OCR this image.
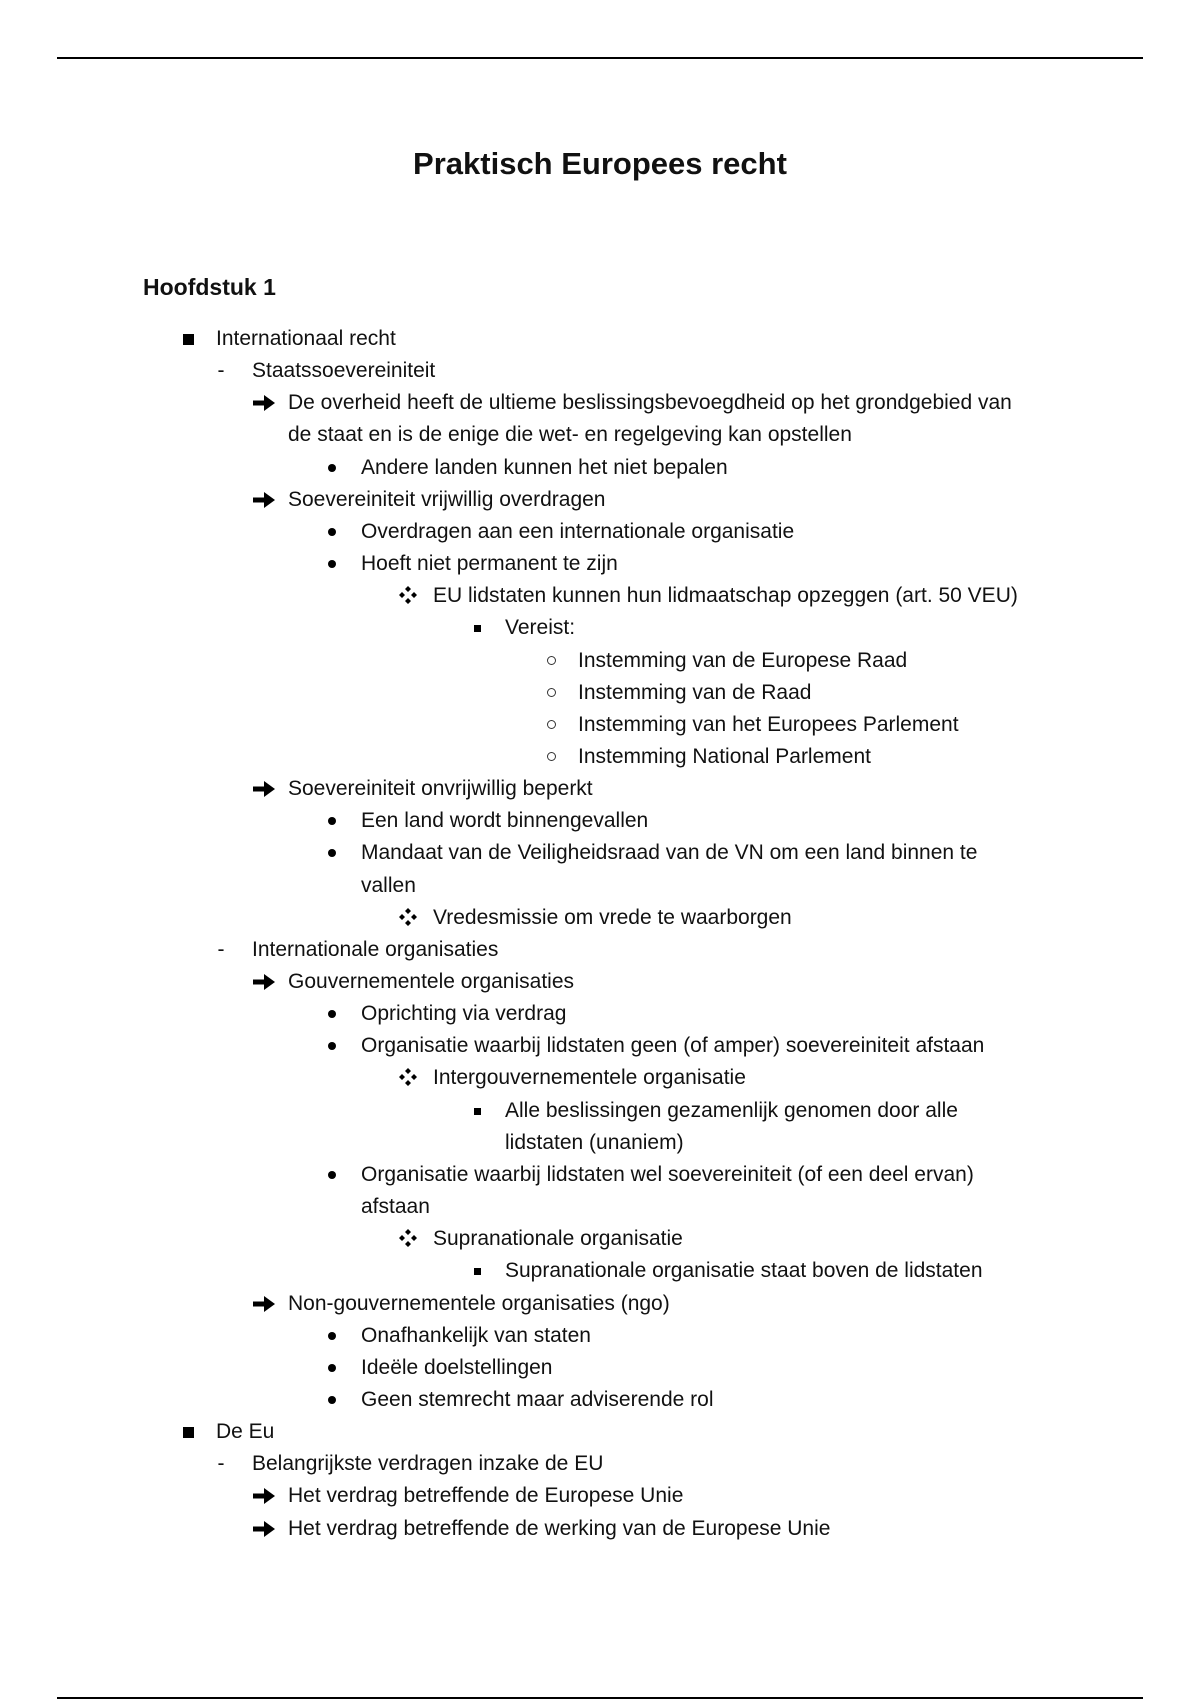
Praktisch Europees recht
Hoofdstuk 1
Internationaal recht
- Staatssoevereiniteit
De overheid heeft de ultieme beslissingsbevoegdheid op het grondgebied van
de staat en is de enige die wet- en regelgeving kan opstellen
Andere landen kunnen het niet bepalen
Soevereiniteit vrijwillig overdragen
Overdragen aan een internationale organisatie
Hoeft niet permanent te zijn
EU lidstaten kunnen hun lidmaatschap opzeggen (art. 50 VEU)
Vereist:
Instemming van de Europese Raad
Instemming van de Raad
Instemming van het Europees Parlement
Instemming National Parlement
Soevereiniteit onvrijwillig beperkt
Een land wordt binnengevallen
Mandaat van de Veiligheidsraad van de VN om een land binnen te
vallen
Vredesmissie om vrede te waarborgen
- Internationale organisaties
Gouvernementele organisaties
Oprichting via verdrag
Organisatie waarbij lidstaten geen (of amper) soevereiniteit afstaan
Intergouvernementele organisatie
Alle beslissingen gezamenlijk genomen door alle
lidstaten (unaniem)
Organisatie waarbij lidstaten wel soevereiniteit (of een deel ervan)
afstaan
Supranationale organisatie
Supranationale organisatie staat boven de lidstaten
Non-gouvernementele organisaties (ngo)
Onafhankelijk van staten
Ideële doelstellingen
Geen stemrecht maar adviserende rol
De Eu
- Belangrijkste verdragen inzake de EU
Het verdrag betreffende de Europese Unie
Het verdrag betreffende de werking van de Europese Unie
